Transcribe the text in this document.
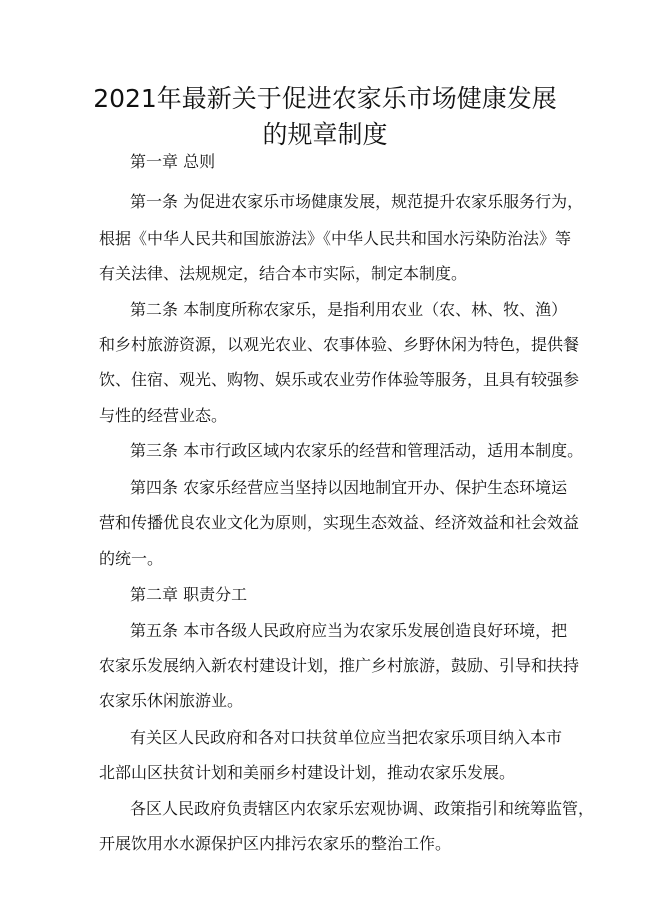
2021年最新关于促进农家乐市场健康发展
的规章制度
第一章 总则
第一条 为促进农家乐市场健康发展，规范提升农家乐服务行为，
根据《中华人民共和国旅游法》《中华人民共和国水污染防治法》等
有关法律、法规规定，结合本市实际，制定本制度。
第二条 本制度所称农家乐，是指利用农业（农、林、牧、渔）
和乡村旅游资源，以观光农业、农事体验、乡野休闲为特色，提供餐
饮、住宿、观光、购物、娱乐或农业劳作体验等服务，且具有较强参
与性的经营业态。
第三条 本市行政区域内农家乐的经营和管理活动，适用本制度。
第四条 农家乐经营应当坚持以因地制宜开办、保护生态环境运
营和传播优良农业文化为原则，实现生态效益、经济效益和社会效益
的统一。
第二章 职责分工
第五条 本市各级人民政府应当为农家乐发展创造良好环境，把
农家乐发展纳入新农村建设计划，推广乡村旅游，鼓励、引导和扶持
农家乐休闲旅游业。
有关区人民政府和各对口扶贫单位应当把农家乐项目纳入本市
北部山区扶贫计划和美丽乡村建设计划，推动农家乐发展。
各区人民政府负责辖区内农家乐宏观协调、政策指引和统筹监管，
开展饮用水水源保护区内排污农家乐的整治工作。
